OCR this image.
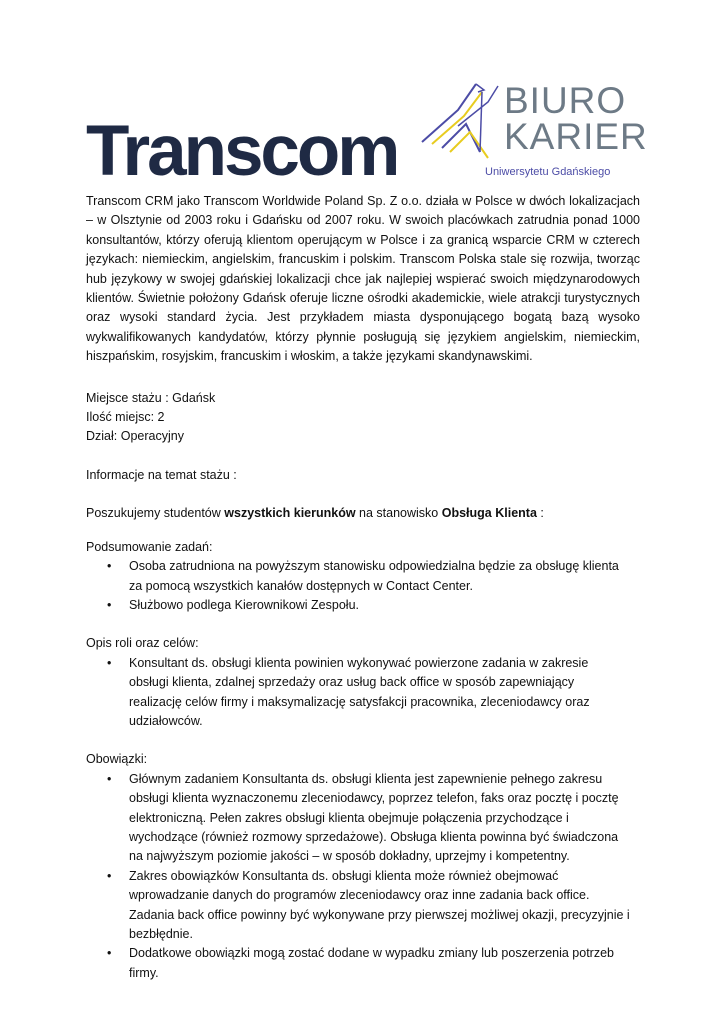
Transcom
BIURO
KARIER
Uniwersytetu Gdańskiego

Transcom CRM jako Transcom Worldwide Poland Sp. Z o.o. działa w Polsce w dwóch lokalizacjach – w Olsztynie od 2003 roku i Gdańsku od 2007 roku. W swoich placówkach zatrudnia ponad 1000 konsultantów, którzy oferują klientom operującym w Polsce i za granicą wsparcie CRM w czterech językach: niemieckim, angielskim, francuskim i polskim. Transcom Polska stale się rozwija, tworząc hub językowy w swojej gdańskiej lokalizacji chce jak najlepiej wspierać swoich międzynarodowych klientów. Świetnie położony Gdańsk oferuje liczne ośrodki akademickie, wiele atrakcji turystycznych oraz wysoki standard życia. Jest przykładem miasta dysponującego bogatą bazą wysoko wykwalifikowanych kandydatów, którzy płynnie posługują się językiem angielskim, niemieckim, hiszpańskim, rosyjskim, francuskim i włoskim, a także językami skandynawskimi.

Miejsce stażu : Gdańsk
Ilość miejsc: 2
Dział: Operacyjny
Informacje na temat stażu :
Poszukujemy studentów wszystkich kierunków na stanowisko Obsługa Klienta :
Podsumowanie zadań:
• Osoba zatrudniona na powyższym stanowisku odpowiedzialna będzie za obsługę klienta za pomocą wszystkich kanałów dostępnych w Contact Center.
• Służbowo podlega Kierownikowi Zespołu.
Opis roli oraz celów:
• Konsultant ds. obsługi klienta powinien wykonywać powierzone zadania w zakresie obsługi klienta, zdalnej sprzedaży oraz usług back office w sposób zapewniający realizację celów firmy i maksymalizację satysfakcji pracownika, zleceniodawcy oraz udziałowców.
Obowiązki:
• Głównym zadaniem Konsultanta ds. obsługi klienta jest zapewnienie pełnego zakresu obsługi klienta wyznaczonemu zleceniodawcy, poprzez telefon, faks oraz pocztę i pocztę elektroniczną. Pełen zakres obsługi klienta obejmuje połączenia przychodzące i wychodzące (również rozmowy sprzedażowe). Obsługa klienta powinna być świadczona na najwyższym poziomie jakości – w sposób dokładny, uprzejmy i kompetentny.
• Zakres obowiązków Konsultanta ds. obsługi klienta może również obejmować wprowadzanie danych do programów zleceniodawcy oraz inne zadania back office. Zadania back office powinny być wykonywane przy pierwszej możliwej okazji, precyzyjnie i bezbłędnie.
• Dodatkowe obowiązki mogą zostać dodane w wypadku zmiany lub poszerzenia potrzeb firmy.
